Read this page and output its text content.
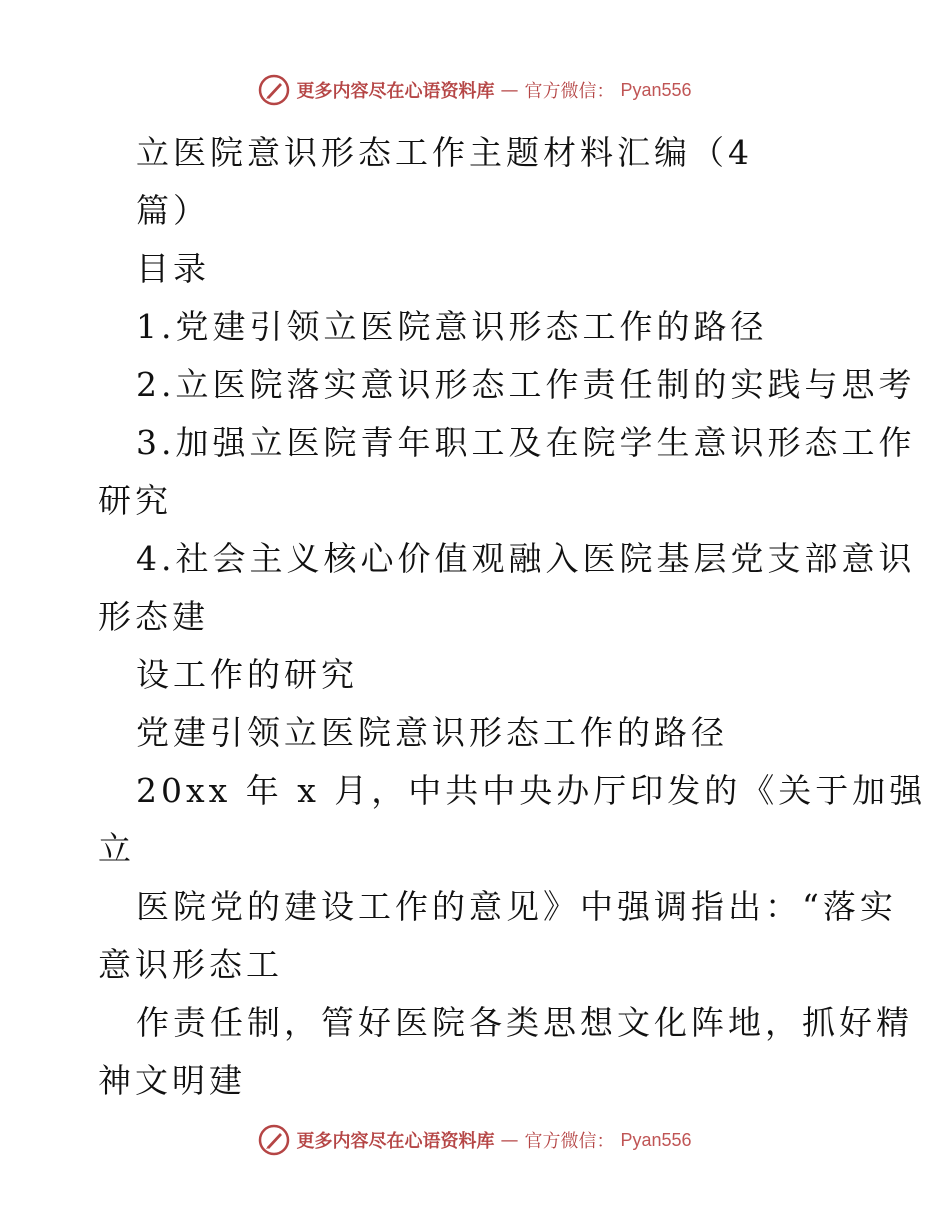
更多内容尽在心语资料库 — 官方微信： Pyan556
立医院意识形态工作主题材料汇编（4
篇）
目录
1.党建引领立医院意识形态工作的路径
2.立医院落实意识形态工作责任制的实践与思考
3.加强立医院青年职工及在院学生意识形态工作
研究
4.社会主义核心价值观融入医院基层党支部意识
形态建
设工作的研究
党建引领立医院意识形态工作的路径
20xx 年 x 月，中共中央办厅印发的《关于加强
立
医院党的建设工作的意见》中强调指出：“落实
意识形态工
作责任制，管好医院各类思想文化阵地，抓好精
神文明建
更多内容尽在心语资料库 — 官方微信： Pyan556
